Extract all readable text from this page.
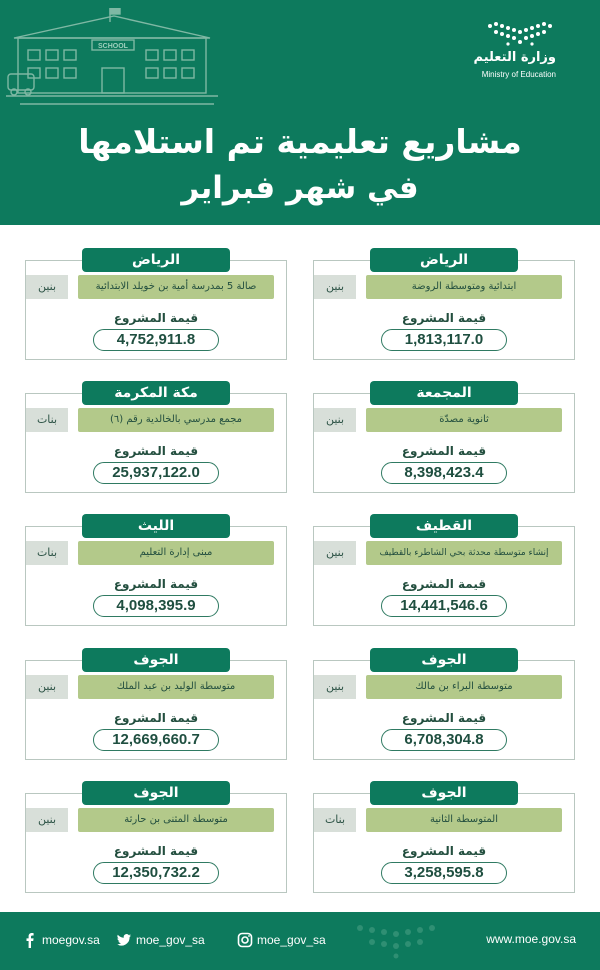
SCHOOL
وزارة التعليم
Ministry of Education
مشاريع تعليمية تم استلامها
في شهر فبراير
الرياض
ابتدائية ومتوسطة الروضة
بنين
قيمة المشروع
1,813,117.0
الرياض
صالة 5 بمدرسة أمية بن خويلد الابتدائية
بنين
قيمة المشروع
4,752,911.8
المجمعة
ثانوية مصدّة
بنين
قيمة المشروع
8,398,423.4
مكة المكرمة
مجمع مدرسي بالخالدية رقم (٦)
بنات
قيمة المشروع
25,937,122.0
القطيف
إنشاء متوسطة محدثة بحي الشاطرء بالقطيف
بنين
قيمة المشروع
14,441,546.6
الليث
مبنى إدارة التعليم
بنات
قيمة المشروع
4,098,395.9
الجوف
متوسطة البراء بن مالك
بنين
قيمة المشروع
6,708,304.8
الجوف
متوسطة الوليد بن عبد الملك
بنين
قيمة المشروع
12,669,660.7
الجوف
المتوسطة الثانية
بنات
قيمة المشروع
3,258,595.8
الجوف
متوسطة المثنى بن حارثة
بنين
قيمة المشروع
12,350,732.2
moegov.sa	moe_gov_sa	moe_gov_sa	www.moe.gov.sa
